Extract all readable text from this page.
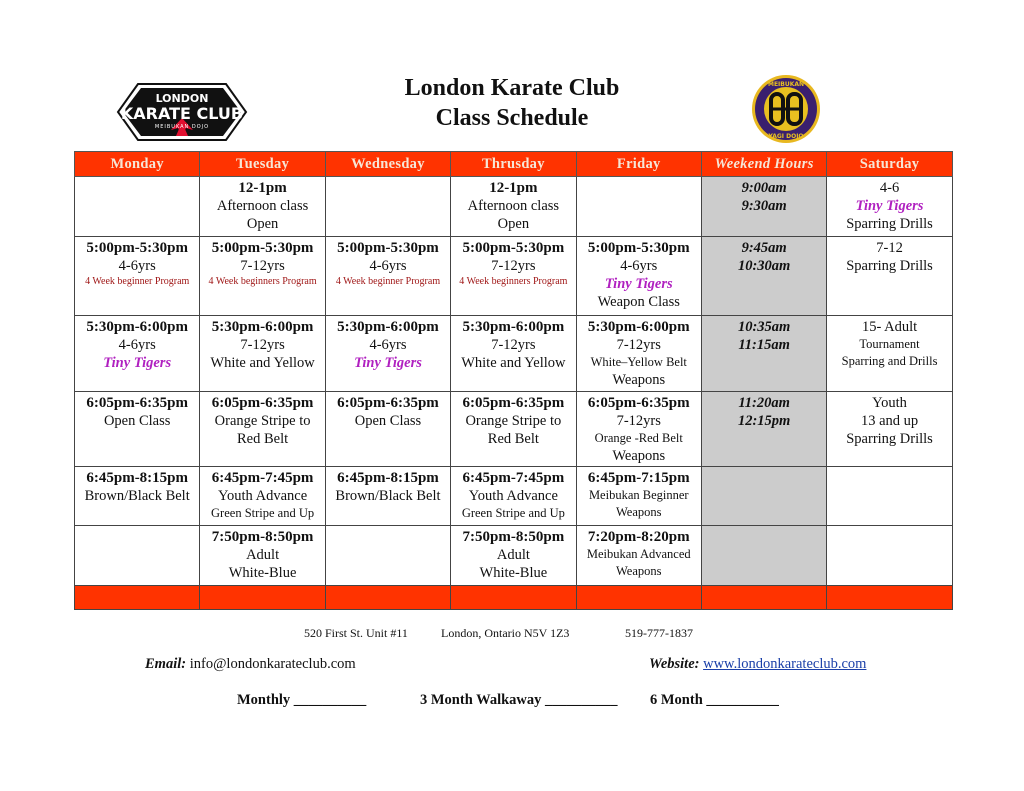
LONDON
KARATE CLUB
MEIBUKAN DOJO
London Karate Club
Class Schedule
MEIBUKAN
YAGI DOJO
Monday	Tuesday	Wednesday	Thrusday	Friday	Weekend Hours	Saturday

	12-1pm
Afternoon class
Open		12-1pm
Afternoon class
Open		9:00am
9:30am	4-6
Tiny Tigers
Sparring Drills

5:00pm-5:30pm
4-6yrs
4 Week beginner Program	5:00pm-5:30pm
7-12yrs
4 Week beginners Program	5:00pm-5:30pm
4-6yrs
4 Week beginner Program	5:00pm-5:30pm
7-12yrs
4 Week beginners Program	5:00pm-5:30pm
4-6yrs
Tiny Tigers
Weapon Class	9:45am
10:30am	7-12
Sparring Drills

5:30pm-6:00pm
4-6yrs
Tiny Tigers	5:30pm-6:00pm
7-12yrs
White and Yellow	5:30pm-6:00pm
4-6yrs
Tiny Tigers	5:30pm-6:00pm
7-12yrs
White and Yellow	5:30pm-6:00pm
7-12yrs
White–Yellow Belt
Weapons	10:35am
11:15am	15- Adult
Tournament
Sparring and Drills

6:05pm-6:35pm
Open Class	6:05pm-6:35pm
Orange Stripe to
Red Belt	6:05pm-6:35pm
Open Class	6:05pm-6:35pm
Orange Stripe to
Red Belt	6:05pm-6:35pm
7-12yrs
Orange -Red Belt
Weapons	11:20am
12:15pm	Youth
13 and up
Sparring Drills

6:45pm-8:15pm
Brown/Black Belt	6:45pm-7:45pm
Youth Advance
Green Stripe and Up	6:45pm-8:15pm
Brown/Black Belt	6:45pm-7:45pm
Youth Advance
Green Stripe and Up	6:45pm-7:15pm
Meibukan Beginner
Weapons		

	7:50pm-8:50pm
Adult
White-Blue		7:50pm-8:50pm
Adult
White-Blue	7:20pm-8:20pm
Meibukan Advanced
Weapons		

520 First St. Unit #11	London, Ontario N5V 1Z3	519-777-1837
Email: info@londonkarateclub.com	Website: www.londonkarateclub.com
Monthly __________	3 Month Walkaway __________ 6 Month __________
